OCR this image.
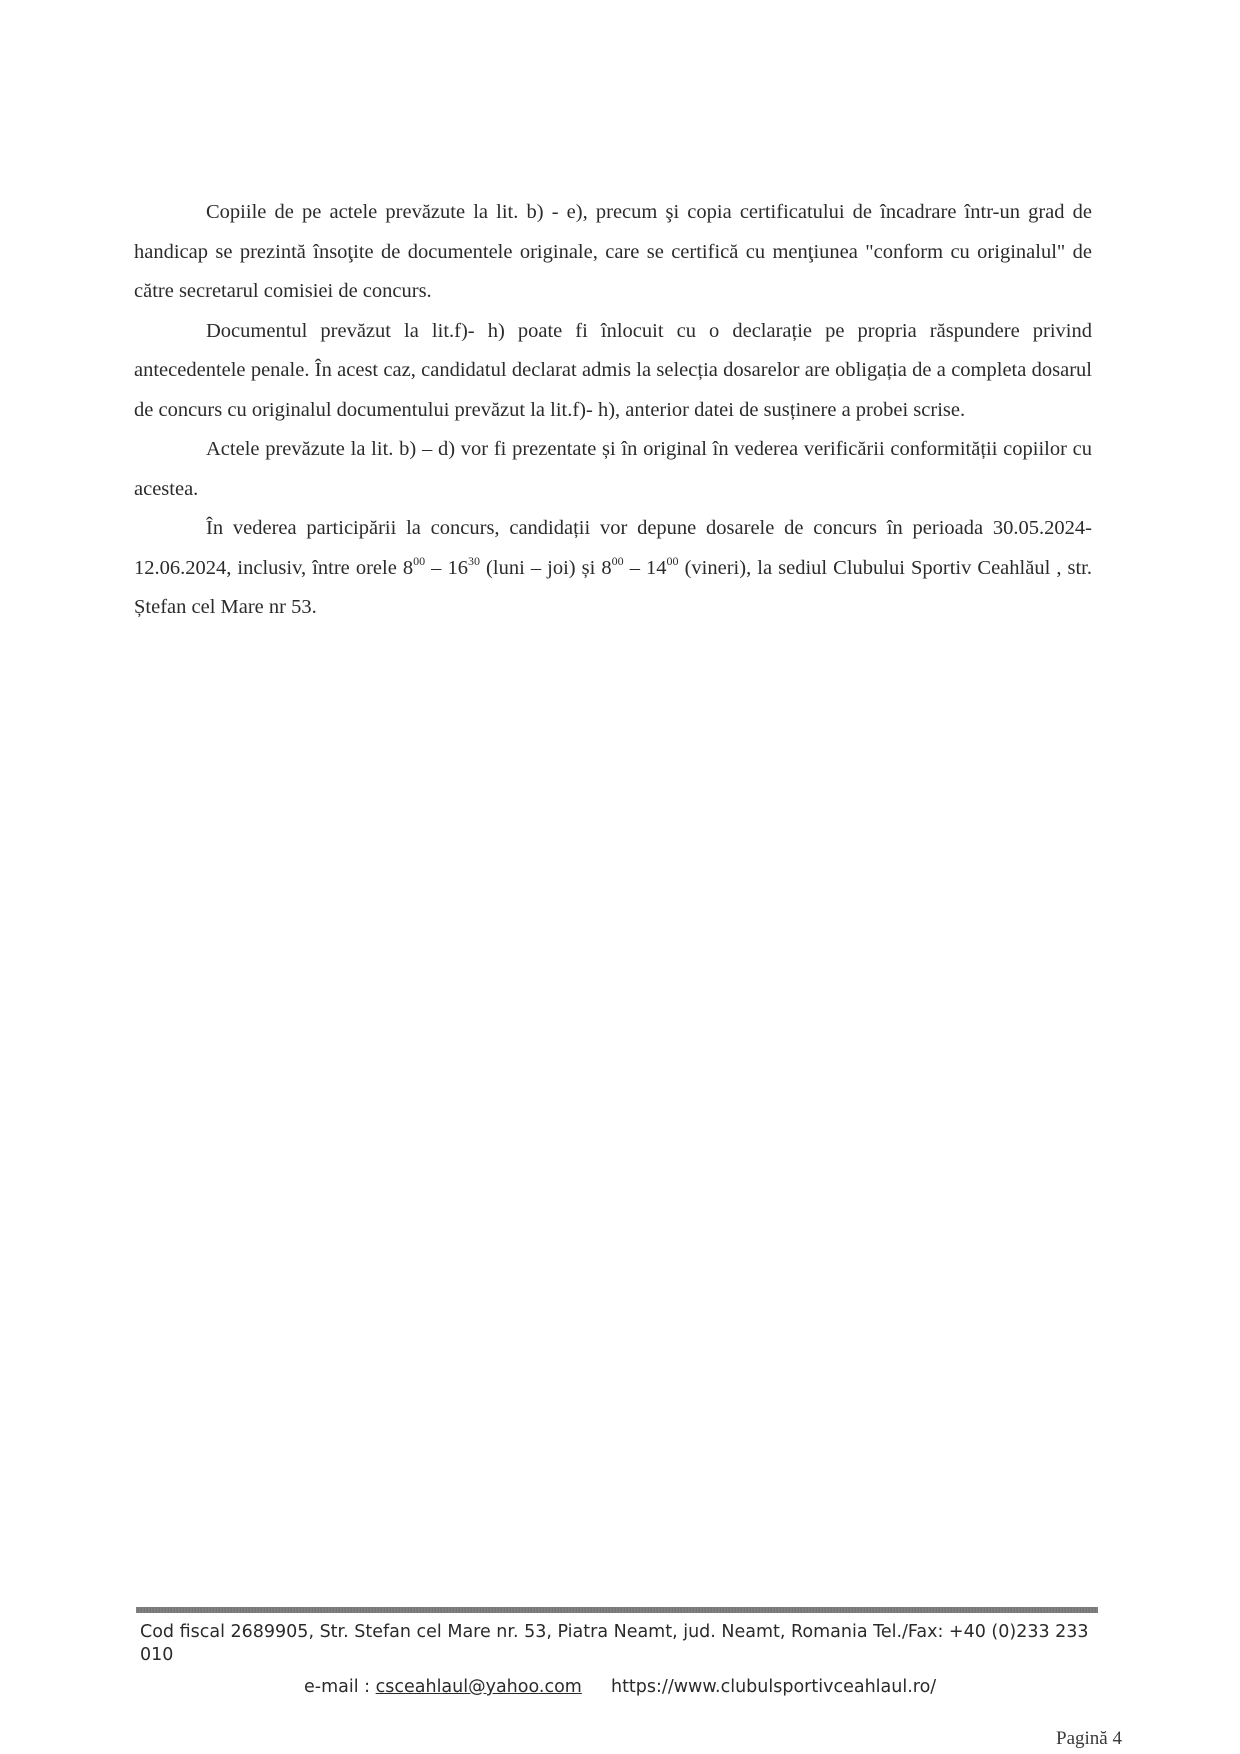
Copiile de pe actele prevăzute la lit. b) - e), precum şi copia certificatului de încadrare într-un grad de handicap se prezintă însoţite de documentele originale, care se certifică cu menţiunea "conform cu originalul" de către secretarul comisiei de concurs.

Documentul prevăzut la lit.f)- h) poate fi înlocuit cu o declarație pe propria răspundere privind antecedentele penale. În acest caz, candidatul declarat admis la selecția dosarelor are obligația de a completa dosarul de concurs cu originalul documentului prevăzut la lit.f)- h), anterior datei de susținere a probei scrise.

Actele prevăzute la lit. b) – d) vor fi prezentate și în original în vederea verificării conformității copiilor cu acestea.

În vederea participării la concurs, candidații vor depune dosarele de concurs în perioada 30.05.2024-12.06.2024, inclusiv, între orele $8^{00} - 16^{30}$ (luni – joi) și $8^{00} - 14^{00}$ (vineri), la sediul Clubului Sportiv Ceahlăul , str. Ștefan cel Mare nr 53.

Cod fiscal 2689905, Str. Stefan cel Mare nr. 53, Piatra Neamt, jud. Neamt, Romania Tel./Fax: +40 (0)233 233 010

e-mail : csceahlaul@yahoo.com https://www.clubulsportivceahlaul.ro/
Pagină 4
